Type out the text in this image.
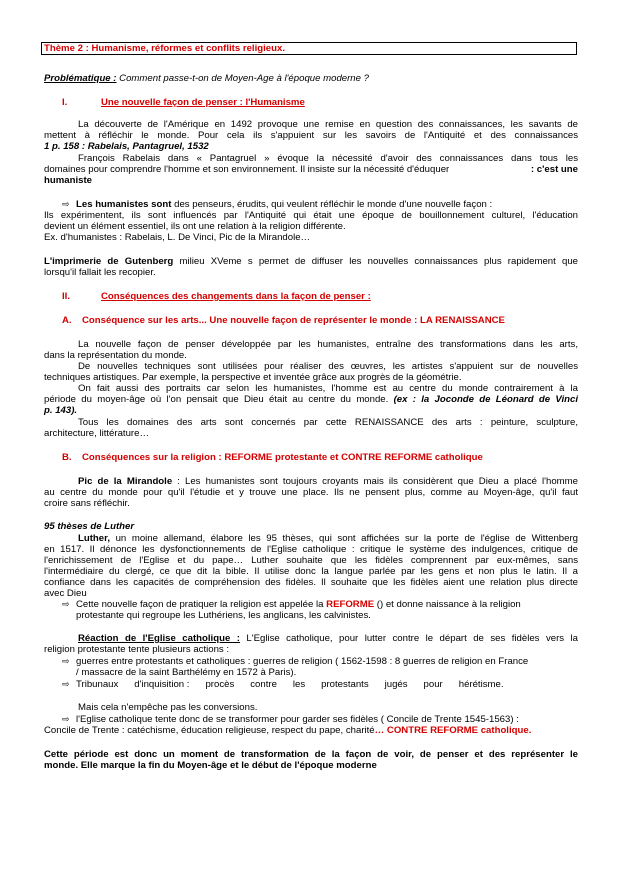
Thème 2 : Humanisme, réformes et conflits religieux.
Problématique : Comment passe-t-on de Moyen-Age à l'époque moderne ?
I.	Une nouvelle façon de penser : l'Humanisme
La découverte de l'Amérique en 1492 provoque une remise en question des connaissances, les savants de
mettent à réfléchir le monde. Pour cela ils s'appuient sur les savoirs de l'Antiquité et des connaissances
1 p. 158 : Rabelais, Pantagruel, 1532
François Rabelais dans « Pantagruel » évoque la nécessité d'avoir des connaissances dans tous les
domaines pour comprendre l'homme et son environnement. Il insiste sur la nécessité d'éduquer	: c'est une
humaniste
⇨ Les humanistes sont des penseurs, érudits, qui veulent réfléchir le monde d'une nouvelle façon :
Ils expérimentent, ils sont influencés par l'Antiquité qui était une époque de bouillonnement culturel, l'éducation
devient un élément essentiel, ils ont une relation à la religion différente.
Ex. d'humanistes : Rabelais, L. De Vinci, Pic de la Mirandole…
L'imprimerie de Gutenberg milieu XVeme s permet de diffuser les nouvelles connaissances plus rapidement que
lorsqu'il fallait les recopier.
II.	Conséquences des changements dans la façon de penser :
A. Conséquence sur les arts... Une nouvelle façon de représenter le monde : LA RENAISSANCE
La nouvelle façon de penser développée par les humanistes, entraîne des transformations dans les arts,
dans la représentation du monde.
De nouvelles techniques sont utilisées pour réaliser des œuvres, les artistes s'appuient sur de nouvelles
techniques artistiques. Par exemple, la perspective et inventée grâce aux progrès de la géométrie.
On fait aussi des portraits car selon les humanistes, l'homme est au centre du monde contrairement à la
période du moyen-âge où l'on pensait que Dieu était au centre du monde. (ex : la Joconde de Léonard de Vinci
p. 143).
Tous les domaines des arts sont concernés par cette RENAISSANCE des arts : peinture, sculpture,
architecture, littérature…
B. Conséquences sur la religion : REFORME protestante et CONTRE REFORME catholique
Pic de la Mirandole : Les humanistes sont toujours croyants mais ils considèrent que Dieu a placé l'homme
au centre du monde pour qu'il l'étudie et y trouve une place. Ils ne pensent plus, comme au Moyen-âge, qu'il faut
croire sans réfléchir.
95 thèses de Luther
Luther, un moine allemand, élabore les 95 thèses, qui sont affichées sur la porte de l'église de Wittenberg
en 1517. Il dénonce les dysfonctionnements de l'Eglise catholique : critique le système des indulgences, critique de
l'enrichissement de l'Eglise et du pape… Luther souhaite que les fidèles comprennent par eux-mêmes, sans
l'intermédiaire du clergé, ce que dit la bible. Il utilise donc la langue parlée par les gens et non plus le latin. Il a
confiance dans les capacités de compréhension des fidèles. Il souhaite que les fidèles aient une relation plus directe
avec Dieu
⇨ Cette nouvelle façon de pratiquer la religion est appelée la REFORME () et donne naissance à la religion
protestante qui regroupe les Luthériens, les anglicans, les calvinistes.
Réaction de l'Eglise catholique : L'Eglise catholique, pour lutter contre le départ de ses fidèles vers la
religion protestante tente plusieurs actions :
⇨ guerres entre protestants et catholiques : guerres de religion ( 1562-1598 : 8 guerres de religion en France
/ massacre de la saint Barthélémy en 1572 à Paris).
⇨ Tribunaux      d'inquisition :      procès      contre      les      protestants      jugés      pour      hérétisme.
Mais cela n'empêche pas les conversions.
⇨ l'Eglise catholique tente donc de se transformer pour garder ses fidèles ( Concile de Trente 1545-1563) :
Concile de Trente : catéchisme, éducation religieuse, respect du pape, charité… CONTRE REFORME catholique.
Cette période est donc un moment de transformation de la façon de voir, de penser et des représenter le
monde. Elle marque la fin du Moyen-âge et le début de l'époque moderne
